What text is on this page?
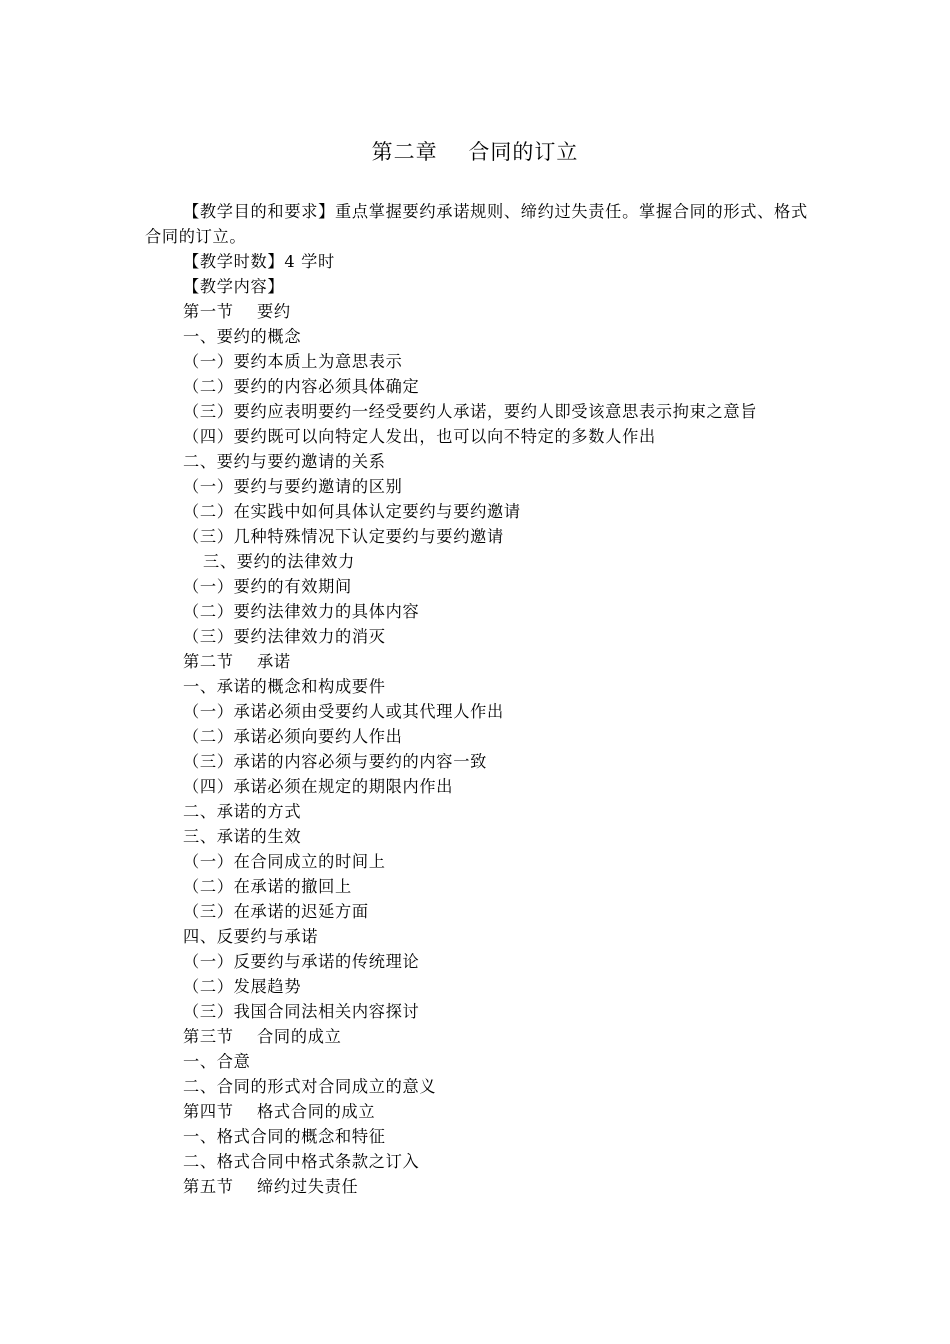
第二章    合同的订立

【教学目的和要求】重点掌握要约承诺规则、缔约过失责任。掌握合同的形式、格式合同的订立。

【教学时数】4 学时

【教学内容】

第一节    要约

一、要约的概念

（一）要约本质上为意思表示

（二）要约的内容必须具体确定

（三）要约应表明要约一经受要约人承诺，要约人即受该意思表示拘束之意旨

（四）要约既可以向特定人发出，也可以向不特定的多数人作出

二、要约与要约邀请的关系

（一）要约与要约邀请的区别

（二）在实践中如何具体认定要约与要约邀请

（三）几种特殊情况下认定要约与要约邀请

三、要约的法律效力

（一）要约的有效期间

（二）要约法律效力的具体内容

（三）要约法律效力的消灭

第二节    承诺

一、承诺的概念和构成要件

（一）承诺必须由受要约人或其代理人作出

（二）承诺必须向要约人作出

（三）承诺的内容必须与要约的内容一致

（四）承诺必须在规定的期限内作出

二、承诺的方式

三、承诺的生效

（一）在合同成立的时间上

（二）在承诺的撤回上

（三）在承诺的迟延方面

四、反要约与承诺

（一）反要约与承诺的传统理论

（二）发展趋势

（三）我国合同法相关内容探讨

第三节    合同的成立

一、合意

二、合同的形式对合同成立的意义

第四节    格式合同的成立

一、格式合同的概念和特征

二、格式合同中格式条款之订入

第五节    缔约过失责任
